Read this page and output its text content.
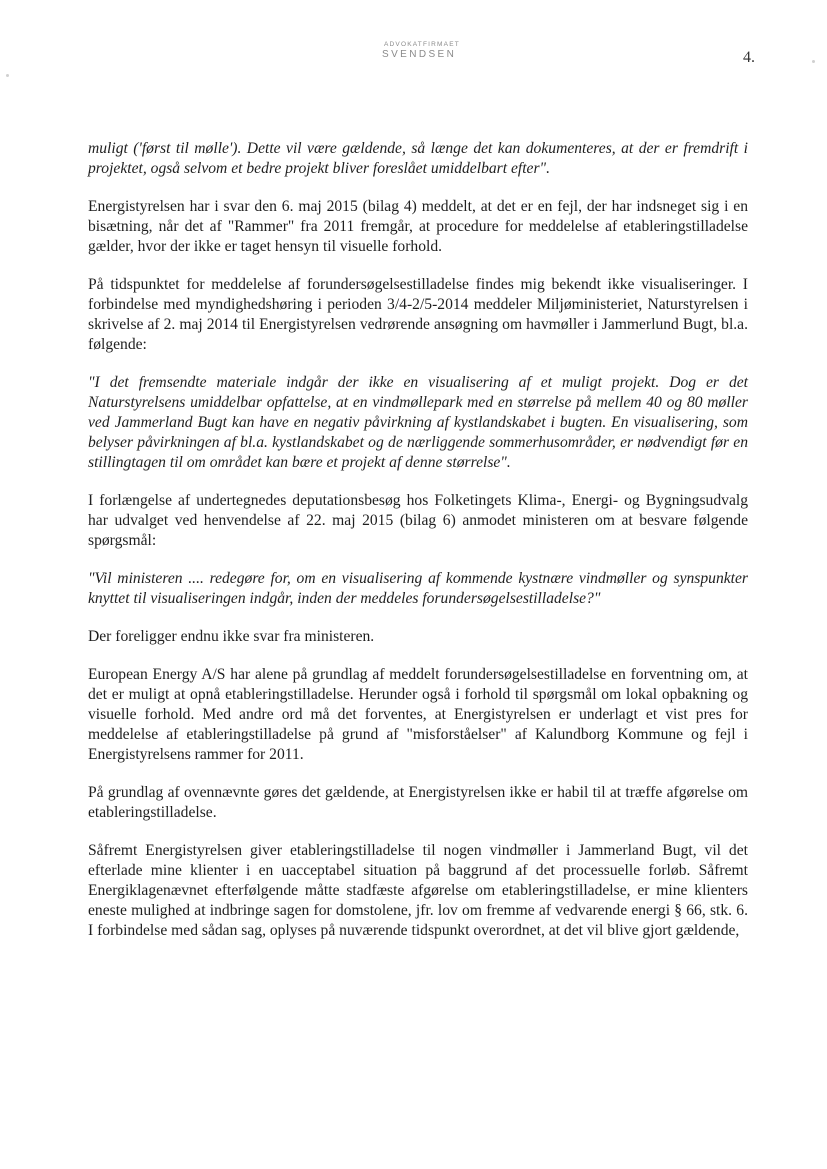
ADVOKATFIRMAET
SVENDSEN	4.

muligt ('først til mølle'). Dette vil være gældende, så længe det kan dokumenteres, at der er fremdrift i projektet, også selvom et bedre projekt bliver foreslået umiddelbart efter".

Energistyrelsen har i svar den 6. maj 2015 (bilag 4) meddelt, at det er en fejl, der har indsneget sig i en bisætning, når det af "Rammer" fra 2011 fremgår, at procedure for meddelelse af etableringstilladelse gælder, hvor der ikke er taget hensyn til visuelle forhold.

På tidspunktet for meddelelse af forundersøgelsestilladelse findes mig bekendt ikke visualiseringer. I forbindelse med myndighedshøring i perioden 3/4-2/5-2014 meddeler Miljøministeriet, Naturstyrelsen i skrivelse af 2. maj 2014 til Energistyrelsen vedrørende ansøgning om havmøller i Jammerlund Bugt, bl.a. følgende:

"I det fremsendte materiale indgår der ikke en visualisering af et muligt projekt. Dog er det Naturstyrelsens umiddelbar opfattelse, at en vindmøllepark med en størrelse på mellem 40 og 80 møller ved Jammerland Bugt kan have en negativ påvirkning af kystlandskabet i bugten. En visualisering, som belyser påvirkningen af bl.a. kystlandskabet og de nærliggende sommerhusområder, er nødvendigt før en stillingtagen til om området kan bære et projekt af denne størrelse".

I forlængelse af undertegnedes deputationsbesøg hos Folketingets Klima-, Energi- og Bygningsudvalg har udvalget ved henvendelse af 22. maj 2015 (bilag 6) anmodet ministeren om at besvare følgende spørgsmål:

"Vil ministeren .... redegøre for, om en visualisering af kommende kystnære vindmøller og synspunkter knyttet til visualiseringen indgår, inden der meddeles forundersøgelsestilladelse?"

Der foreligger endnu ikke svar fra ministeren.

European Energy A/S har alene på grundlag af meddelt forundersøgelsestilladelse en forventning om, at det er muligt at opnå etableringstilladelse. Herunder også i forhold til spørgsmål om lokal opbakning og visuelle forhold. Med andre ord må det forventes, at Energistyrelsen er underlagt et vist pres for meddelelse af etableringstilladelse på grund af "misforståelser" af Kalundborg Kommune og fejl i Energistyrelsens rammer for 2011.

På grundlag af ovennævnte gøres det gældende, at Energistyrelsen ikke er habil til at træffe afgørelse om etableringstilladelse.

Såfremt Energistyrelsen giver etableringstilladelse til nogen vindmøller i Jammerland Bugt, vil det efterlade mine klienter i en uacceptabel situation på baggrund af det processuelle forløb. Såfremt Energiklagenævnet efterfølgende måtte stadfæste afgørelse om etableringstilladelse, er mine klienters eneste mulighed at indbringe sagen for domstolene, jfr. lov om fremme af vedvarende energi § 66, stk. 6. I forbindelse med sådan sag, oplyses på nuværende tidspunkt overordnet, at det vil blive gjort gældende,
